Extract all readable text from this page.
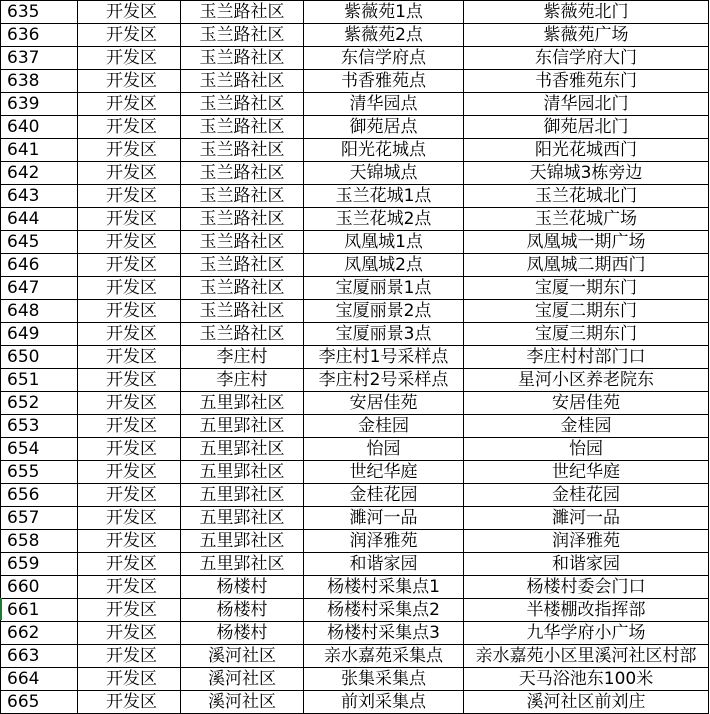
635	开发区	玉兰路社区	紫薇苑1点	紫薇苑北门
636	开发区	玉兰路社区	紫薇苑2点	紫薇苑广场
637	开发区	玉兰路社区	东信学府点	东信学府大门
638	开发区	玉兰路社区	书香雅苑点	书香雅苑东门
639	开发区	玉兰路社区	清华园点	清华园北门
640	开发区	玉兰路社区	御苑居点	御苑居北门
641	开发区	玉兰路社区	阳光花城点	阳光花城西门
642	开发区	玉兰路社区	天锦城点	天锦城3栋旁边
643	开发区	玉兰路社区	玉兰花城1点	玉兰花城北门
644	开发区	玉兰路社区	玉兰花城2点	玉兰花城广场
645	开发区	玉兰路社区	凤凰城1点	凤凰城一期广场
646	开发区	玉兰路社区	凤凰城2点	凤凰城二期西门
647	开发区	玉兰路社区	宝厦丽景1点	宝厦一期东门
648	开发区	玉兰路社区	宝厦丽景2点	宝厦二期东门
649	开发区	玉兰路社区	宝厦丽景3点	宝厦三期东门
650	开发区	李庄村	李庄村1号采样点	李庄村村部门口
651	开发区	李庄村	李庄村2号采样点	星河小区养老院东
652	开发区	五里郢社区	安居佳苑	安居佳苑
653	开发区	五里郢社区	金桂园	金桂园
654	开发区	五里郢社区	怡园	怡园
655	开发区	五里郢社区	世纪华庭	世纪华庭
656	开发区	五里郢社区	金桂花园	金桂花园
657	开发区	五里郢社区	濉河一品	濉河一品
658	开发区	五里郢社区	润泽雅苑	润泽雅苑
659	开发区	五里郢社区	和谐家园	和谐家园
660	开发区	杨楼村	杨楼村采集点1	杨楼村委会门口
661	开发区	杨楼村	杨楼村采集点2	半楼棚改指挥部
662	开发区	杨楼村	杨楼村采集点3	九华学府小广场
663	开发区	溪河社区	亲水嘉苑采集点	亲水嘉苑小区里溪河社区村部
664	开发区	溪河社区	张集采集点	天马浴池东100米
665	开发区	溪河社区	前刘采集点	溪河社区前刘庄
